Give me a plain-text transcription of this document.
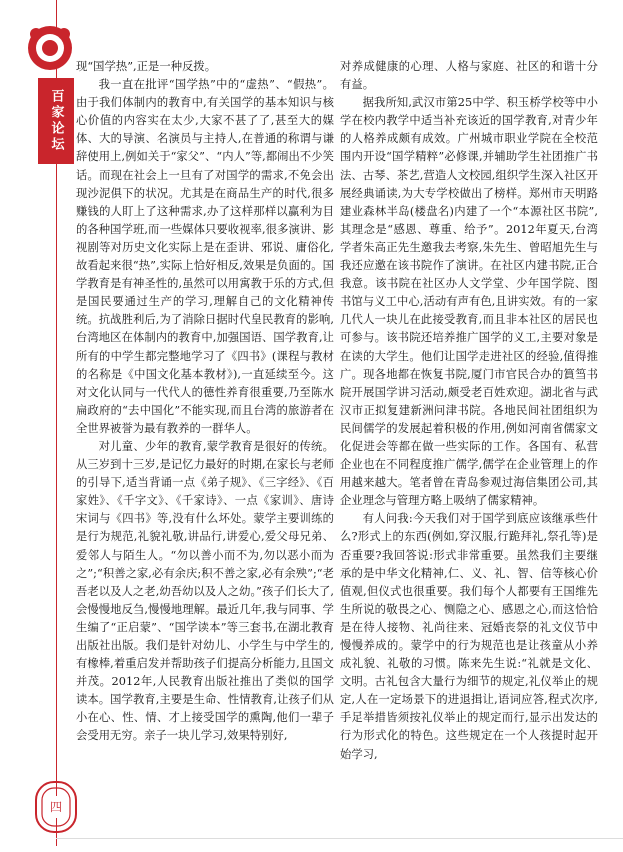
百家论坛
四

现“国学热”,正是一种反拨。

我一直在批评“国学热”中的“虚热”、“假热”。由于我们体制内的教育中,有关国学的基本知识与核心价值的内容实在太少,大家不甚了了,甚至大的媒体、大的导演、名演员与主持人,在普通的称谓与谦辞使用上,例如关于“家父”、“内人”等,都闹出不少笑话。而现在社会上一旦有了对国学的需求,不免会出现沙泥俱下的状况。尤其是在商品生产的时代,很多赚钱的人盯上了这种需求,办了这样那样以赢利为目的各种国学班,而一些媒体只要收视率,很多演讲、影视剧等对历史文化实际上是在歪讲、邪说、庸俗化,故看起来很“热”,实际上恰好相反,效果是负面的。国学教育是有神圣性的,虽然可以用寓教于乐的方式,但是国民要通过生产的学习,理解自己的文化精神传统。抗战胜利后,为了消除日据时代皇民教育的影响,台湾地区在体制内的教育中,加强国语、国学教育,让所有的中学生都完整地学习了《四书》(课程与教材的名称是《中国文化基本教材》),一直延续至今。这对文化认同与一代代人的德性养育很重要,乃至陈水扁政府的“去中国化”不能实现,而且台湾的旅游者在全世界被誉为最有教养的一群华人。

对儿童、少年的教育,蒙学教育是很好的传统。从三岁到十三岁,是记忆力最好的时期,在家长与老师的引导下,适当背诵一点《弟子规》、《三字经》、《百家姓》、《千字文》、《千家诗》、一点《家训》、唐诗宋词与《四书》等,没有什么坏处。蒙学主要训练的是行为规范,礼貌礼敬,讲品行,讲爱心,爱父母兄弟、爱邻人与陌生人。“勿以善小而不为,勿以恶小而为之”;“积善之家,必有余庆;积不善之家,必有余殃”;“老吾老以及人之老,幼吾幼以及人之幼。”孩子们长大了,会慢慢地反刍,慢慢地理解。最近几年,我与同事、学生编了“正启蒙”、“国学读本”等三套书,在湖北教育出版社出版。我们是针对幼儿、小学生与中学生的,有橡棒,着重启发并帮助孩子们提高分析能力,且国文并茂。2012年,人民教育出版社推出了类似的国学读本。国学教育,主要是生命、性情教育,让孩子们从小在心、性、情、才上接受国学的熏陶,他们一辈子会受用无穷。亲子一块儿学习,效果特别好,

对养成健康的心理、人格与家庭、社区的和谐十分有益。

据我所知,武汉市第25中学、积玉桥学校等中小学在校内教学中适当补充该近的国学教育,对青少年的人格养成颇有成效。广州城市职业学院在全校范围内开设“国学精粹”必修课,并辅助学生社团推广书法、古琴、茶艺,营造人文校园,组织学生深入社区开展经典诵读,为大专学校做出了榜样。郑州市天明路建业森林半岛(楼盘名)内建了一个“本源社区书院”,其理念是“感恩、尊重、给予”。2012年夏天,台湾学者朱高正先生邀我去考察,朱先生、曾昭旭先生与我还应邀在该书院作了演讲。在社区内建书院,正合我意。该书院在社区办人文学堂、少年国学院、图书馆与义工中心,活动有声有色,且讲实效。有的一家几代人一块儿在此接受教育,而且非本社区的居民也可参与。该书院还培养推广国学的义工,主要对象是在读的大学生。他们让国学走进社区的经验,值得推广。现各地都在恢复书院,厦门市官民合办的篔筜书院开展国学讲习活动,颇受老百姓欢迎。湖北省与武汉市正拟复建新洲问津书院。各地民间社团组织为民间儒学的发展起着积极的作用,例如河南省儒家文化促进会等都在做一些实际的工作。各国有、私营企业也在不同程度推广儒学,儒学在企业管理上的作用越来越大。笔者曾在青岛参观过海信集团公司,其企业理念与管理方略上吸纳了儒家精神。

有人问我:今天我们对于国学到底应该继承些什么?形式上的东西(例如,穿汉服,行跪拜礼,祭孔等)是否重要?我回答说:形式非常重要。虽然我们主要继承的是中华文化精神,仁、义、礼、智、信等核心价值观,但仪式也很重要。我们每个人都要有王国维先生所说的敬畏之心、恻隐之心、感恩之心,而这恰恰是在待人接物、礼尚往来、冠婚丧祭的礼文仪节中慢慢养成的。蒙学中的行为规范也是让孩童从小养成礼貌、礼敬的习惯。陈来先生说:“礼就是文化、文明。古礼包含大量行为细节的规定,礼仪举止的规定,人在一定场景下的进退揖让,语词应答,程式次序,手足举措皆须按礼仪举止的规定而行,显示出发达的行为形式化的特色。这些规定在一个人孩提时起开始学习,
